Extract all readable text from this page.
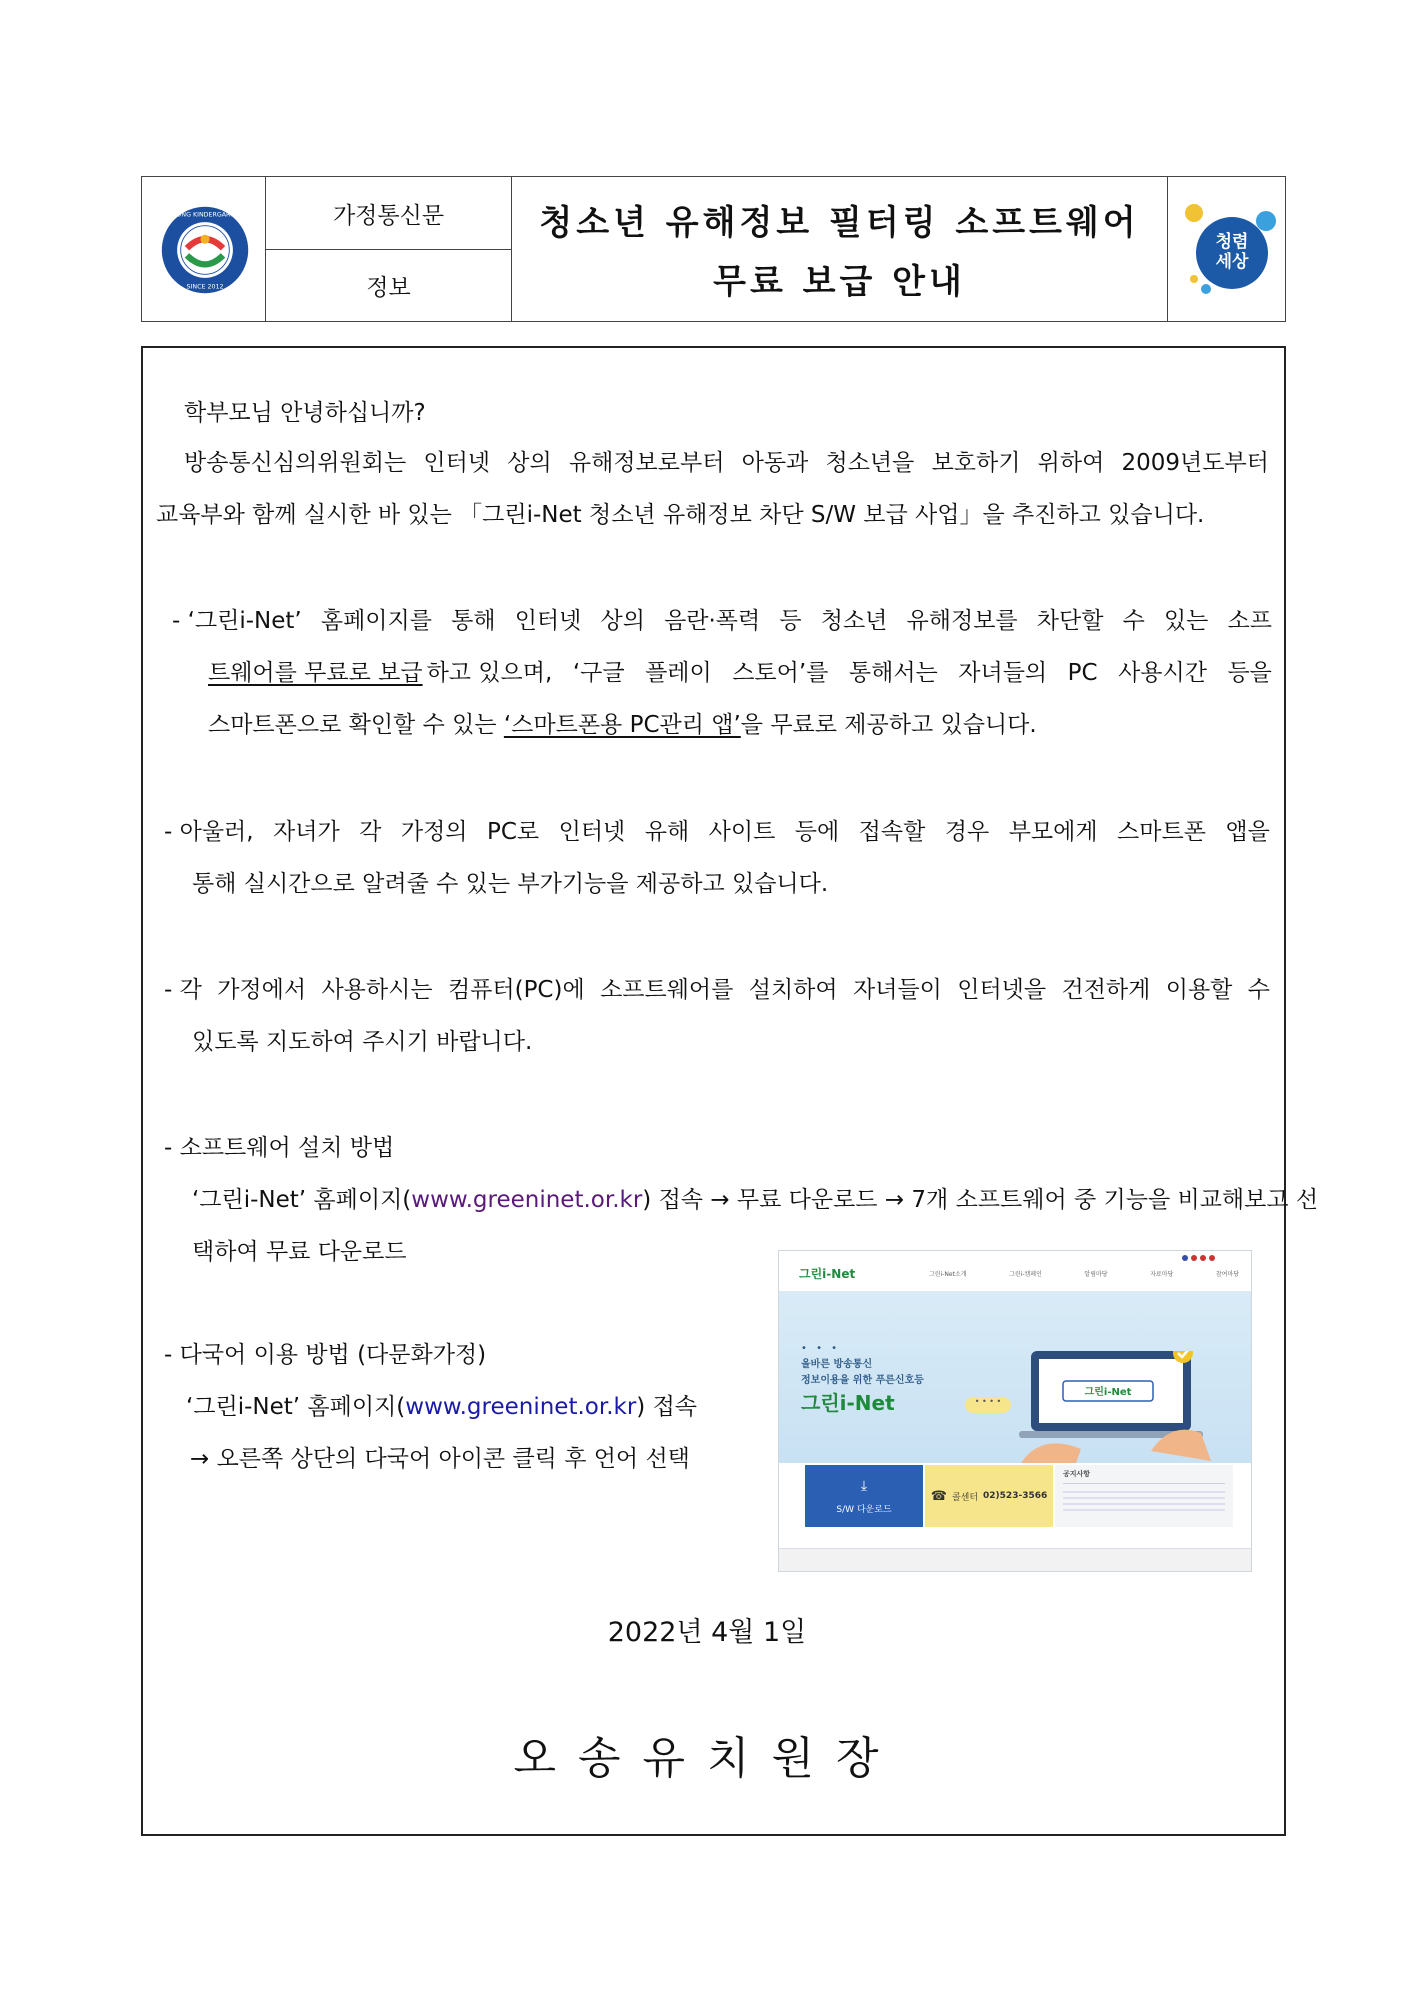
OSONG KINDERGARTEN
SINCE 2012
가정통신문
정보
청소년 유해정보 필터링 소프트웨어
무료 보급 안내
청렴
세상
학부모님 안녕하십니까?
방송통신심의위원회는 인터넷 상의 유해정보로부터 아동과 청소년을 보호하기 위하여 2009년도부터
교육부와 함께 실시한 바 있는 「그린i-Net 청소년 유해정보 차단 S/W 보급 사업」을 추진하고 있습니다.
- ‘그린i-Net’ 홈페이지를 통해 인터넷 상의 음란·폭력 등 청소년 유해정보를 차단할 수 있는 소프
트웨어를 무료로 보급 하고 있으며, ‘구글 플레이 스토어’를 통해서는 자녀들의 PC 사용시간 등을
스마트폰으로 확인할 수 있는 ‘스마트폰용 PC관리 앱’을 무료로 제공하고 있습니다.
- 아울러, 자녀가 각 가정의 PC로 인터넷 유해 사이트 등에 접속할 경우 부모에게 스마트폰 앱을
통해 실시간으로 알려줄 수 있는 부가기능을 제공하고 있습니다.
- 각 가정에서 사용하시는 컴퓨터(PC)에 소프트웨어를 설치하여 자녀들이 인터넷을 건전하게 이용할 수
있도록 지도하여 주시기 바랍니다.
- 소프트웨어 설치 방법
‘그린i-Net’ 홈페이지(www.greeninet.or.kr) 접속 → 무료 다운로드 → 7개 소프트웨어 중 기능을 비교해보고 선
택하여 무료 다운로드
- 다국어 이용 방법 (다문화가정)
‘그린i-Net’ 홈페이지(www.greeninet.or.kr) 접속
→ 오른쪽 상단의 다국어 아이콘 클릭 후 언어 선택
그린i-Net	그린i-Net소개	그린i-캠페인	알림마당	자료마당	참여마당
• • •
올바른 방송통신
정보이용을 위한 푸른신호등
그린i-Net	그린i-Net
• • • •
⤓
S/W 다운로드
☎ 콜센터 02)523-3566
공지사항
2022년 4월 1일
오송유치원장
